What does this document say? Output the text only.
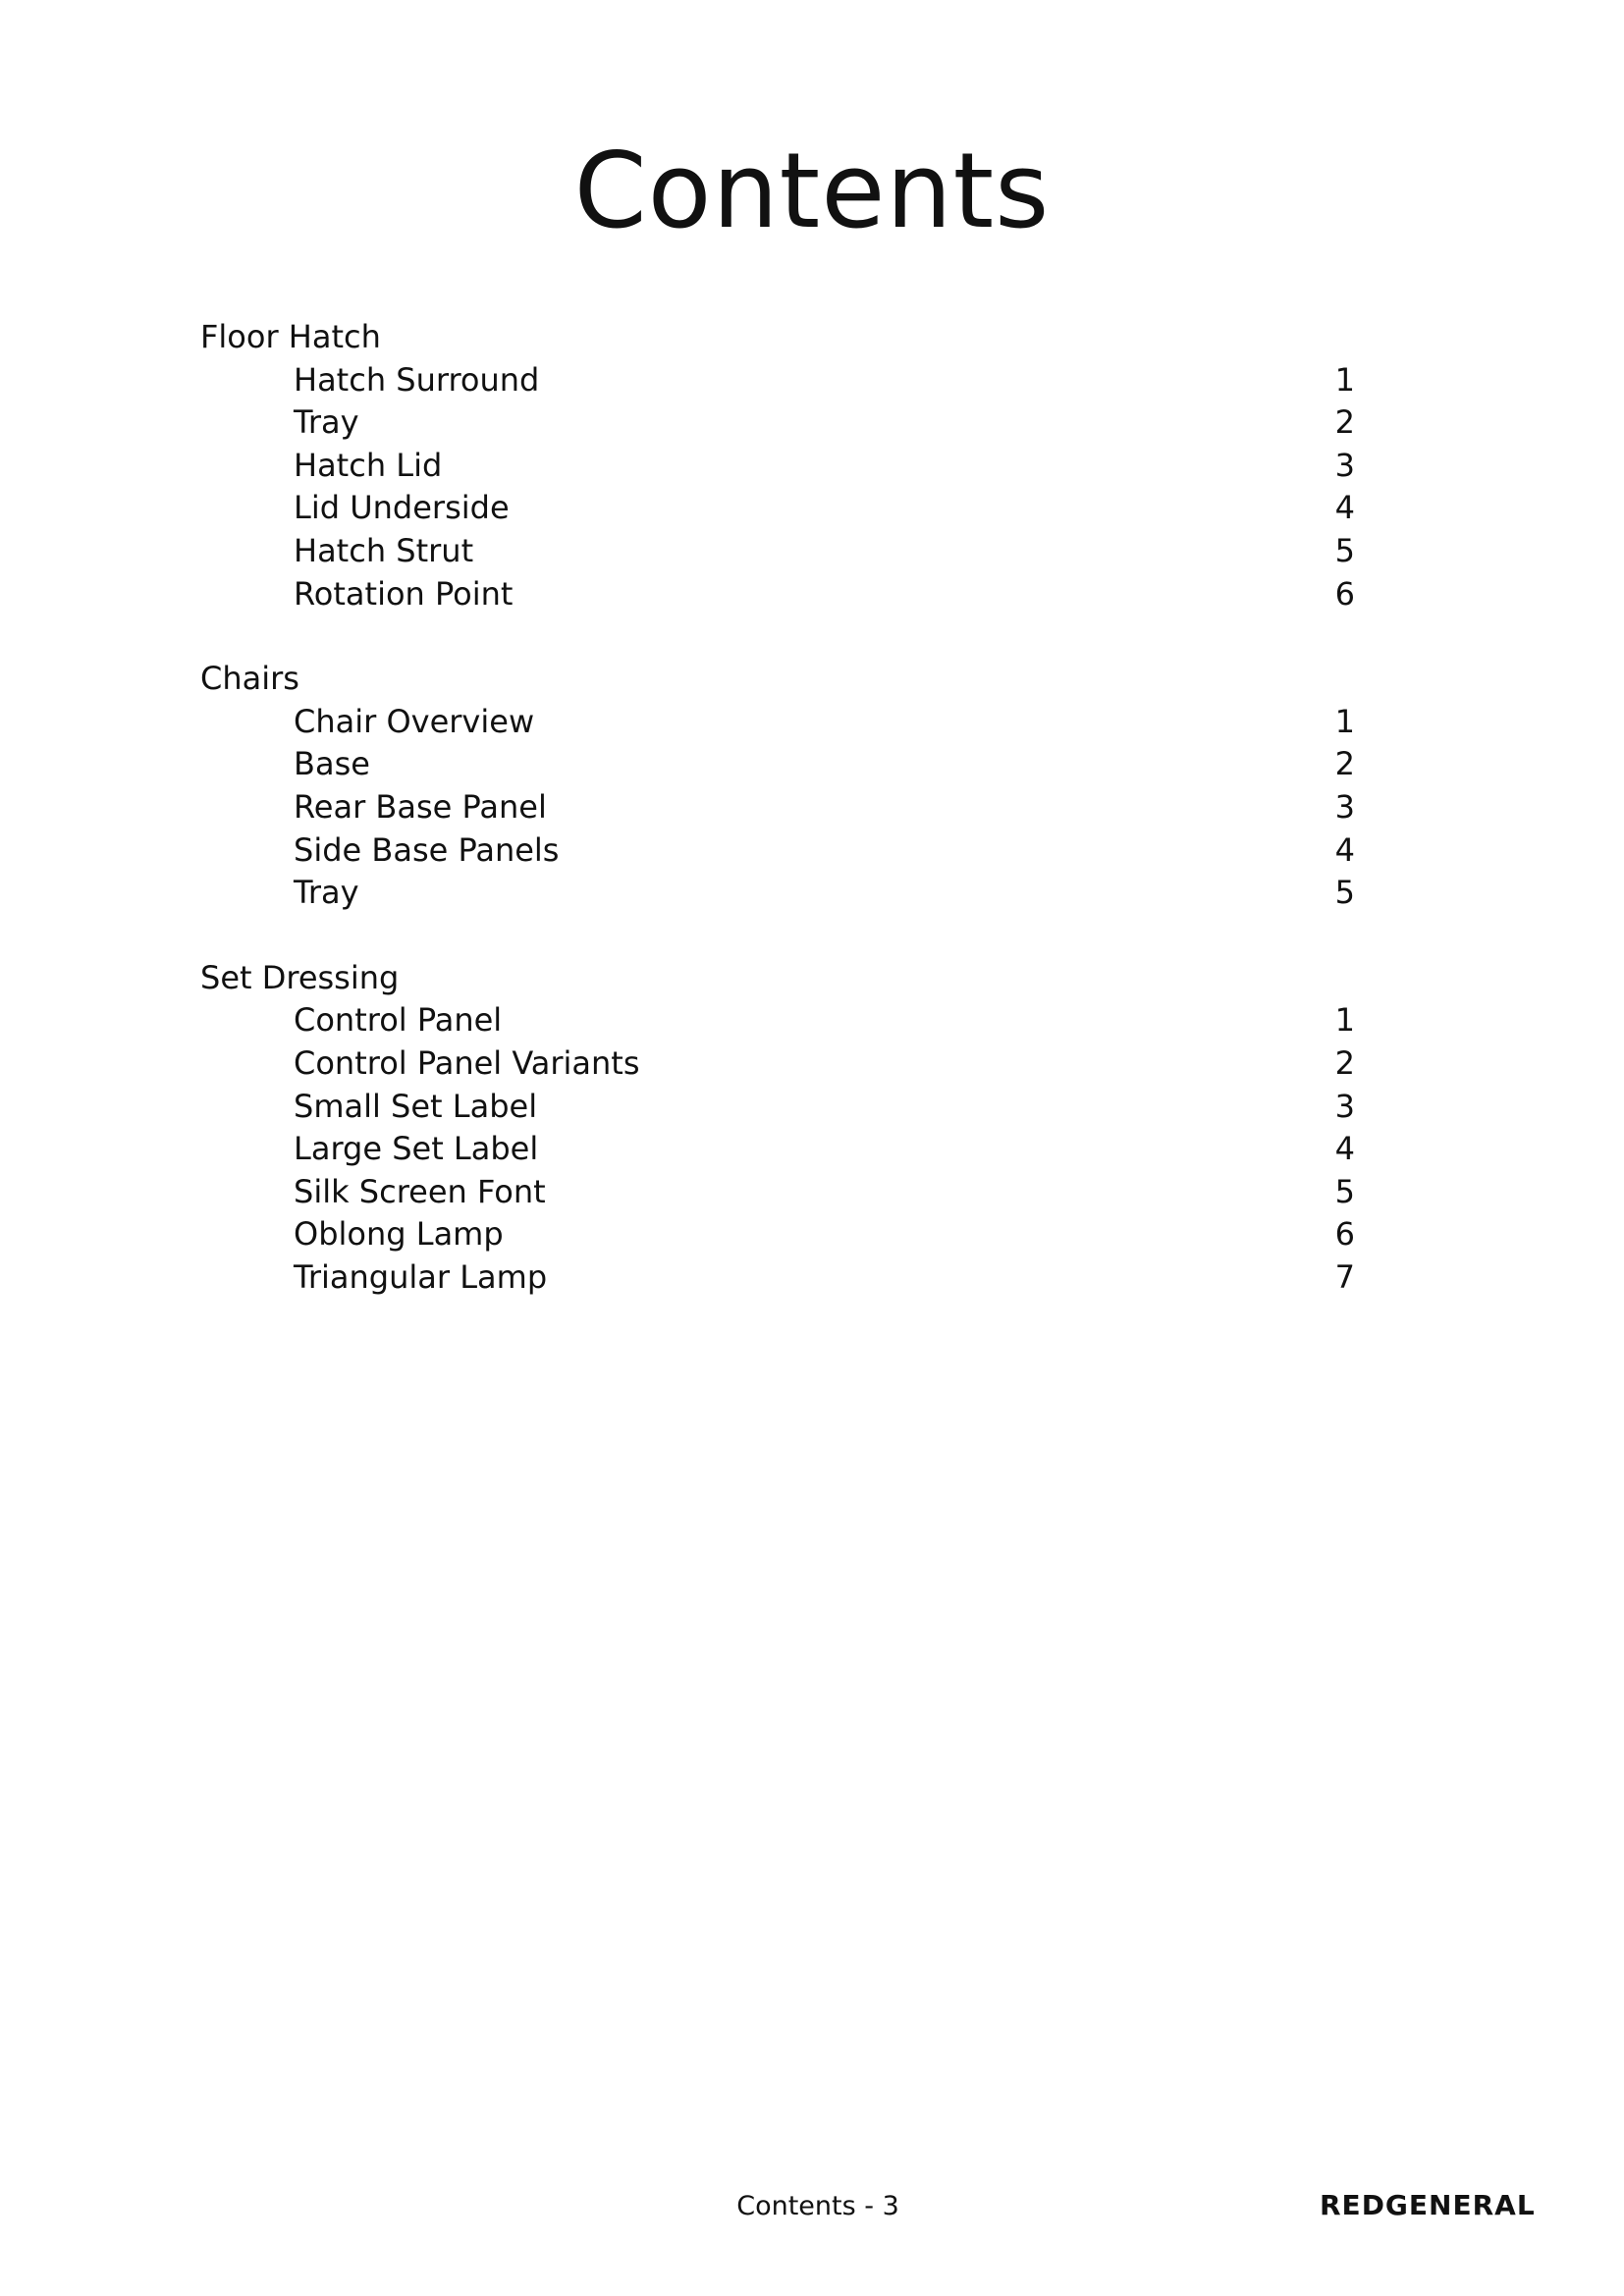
Contents
Floor Hatch
Hatch Surround	1
Tray	2
Hatch Lid	3
Lid Underside	4
Hatch Strut	5
Rotation Point	6
Chairs
Chair Overview	1
Base	2
Rear Base Panel	3
Side Base Panels	4
Tray	5
Set Dressing
Control Panel	1
Control Panel Variants	2
Small Set Label	3
Large Set Label	4
Silk Screen Font	5
Oblong Lamp	6
Triangular Lamp	7
Contents - 3	REDGENERAL
